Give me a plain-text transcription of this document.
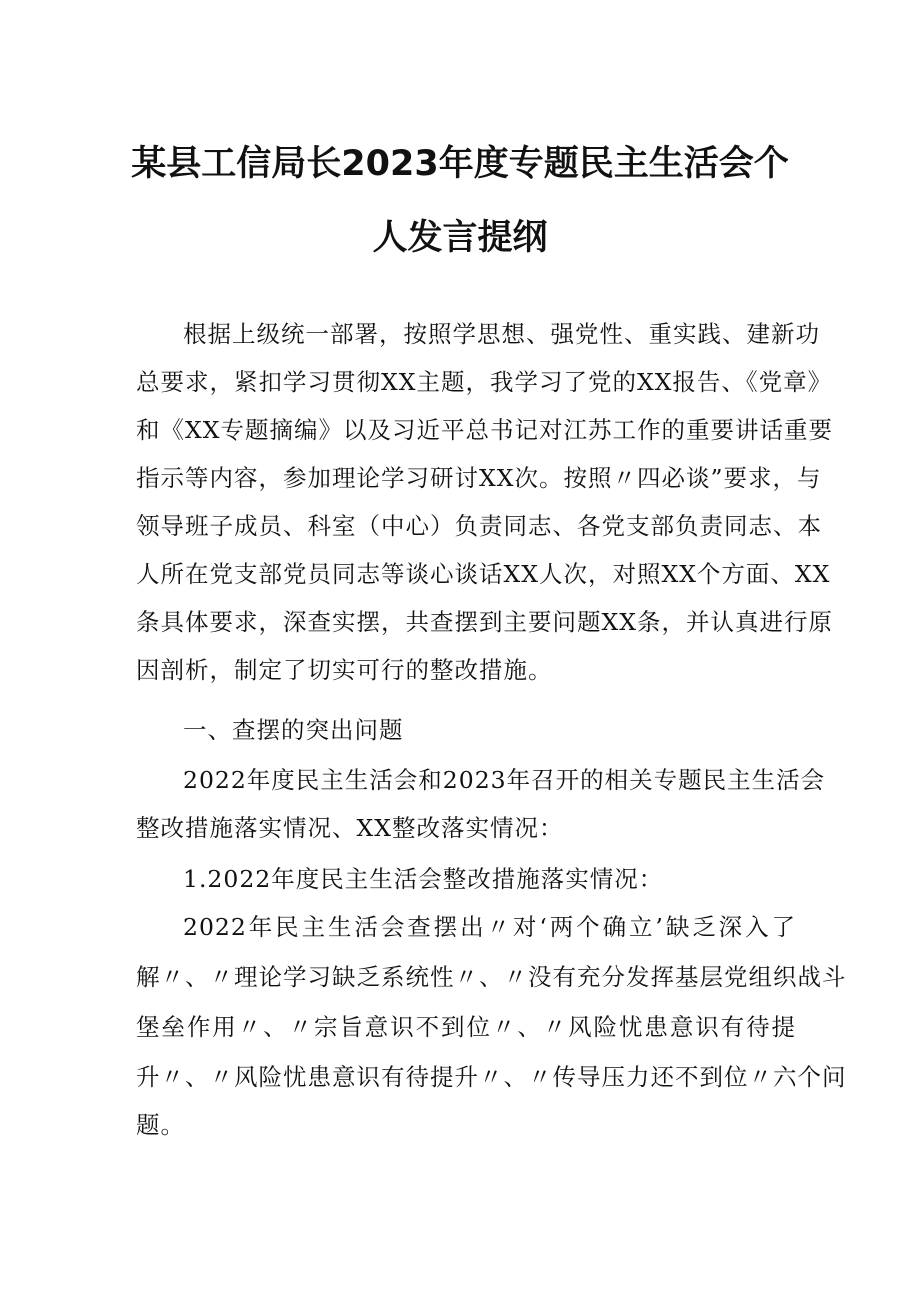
某县工信局长2023年度专题民主生活会个
人发言提纲
根据上级统一部署，按照学思想、强党性、重实践、建新功
总要求，紧扣学习贯彻XX主题，我学习了党的XX报告、《党章》
和《XX专题摘编》以及习近平总书记对江苏工作的重要讲话重要
指示等内容，参加理论学习研讨XX次。按照〃四必谈”要求，与
领导班子成员、科室（中心）负责同志、各党支部负责同志、本
人所在党支部党员同志等谈心谈话XX人次，对照XX个方面、XX
条具体要求，深查实摆，共查摆到主要问题XX条，并认真进行原
因剖析，制定了切实可行的整改措施。
一、查摆的突出问题
2022年度民主生活会和2023年召开的相关专题民主生活会
整改措施落实情况、XX整改落实情况：
1.2022年度民主生活会整改措施落实情况：
2022年民主生活会查摆出〃对‘两个确立’缺乏深入了
解〃、〃理论学习缺乏系统性〃、〃没有充分发挥基层党组织战斗
堡垒作用〃、〃宗旨意识不到位〃、〃风险忧患意识有待提
升〃、〃风险忧患意识有待提升〃、〃传导压力还不到位〃六个问
题。
